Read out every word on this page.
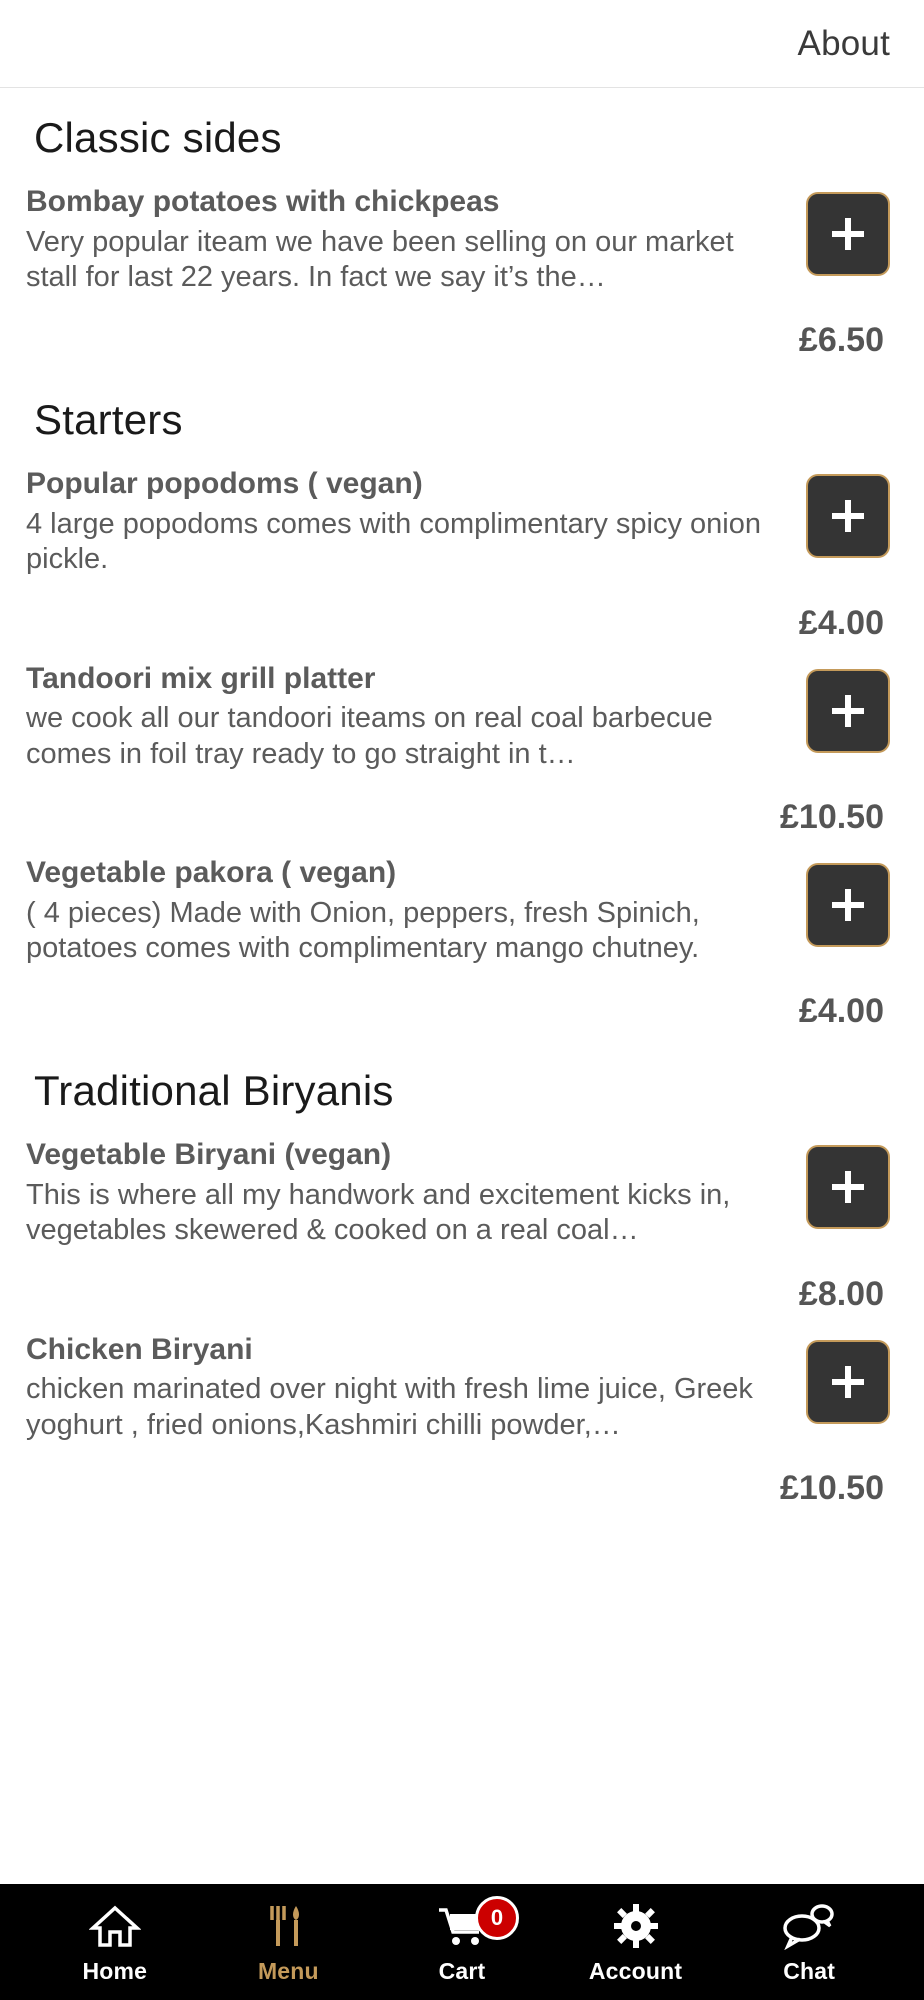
About
Classic sides
Bombay potatoes with chickpeas
Very popular iteam we have been selling on our market stall for last 22 years. In fact we say it’s the…
£6.50
Starters
Popular popodoms ( vegan)
4 large popodoms comes with complimentary spicy onion pickle.
£4.00
Tandoori mix grill platter
we cook all our tandoori iteams on real coal barbecue comes in foil tray ready to go straight in t…
£10.50
Vegetable pakora ( vegan)
( 4 pieces) Made with Onion, peppers, fresh Spinich, potatoes comes with complimentary mango chutney.
£4.00
Traditional Biryanis
Vegetable Biryani (vegan)
This is where all my handwork and excitement kicks in, vegetables skewered & cooked on a real coal…
£8.00
Chicken Biryani
chicken marinated over night with fresh lime juice, Greek yoghurt , fried onions,Kashmiri chilli powder,…
£10.50
Home	Menu
0
Cart	Account	Chat
